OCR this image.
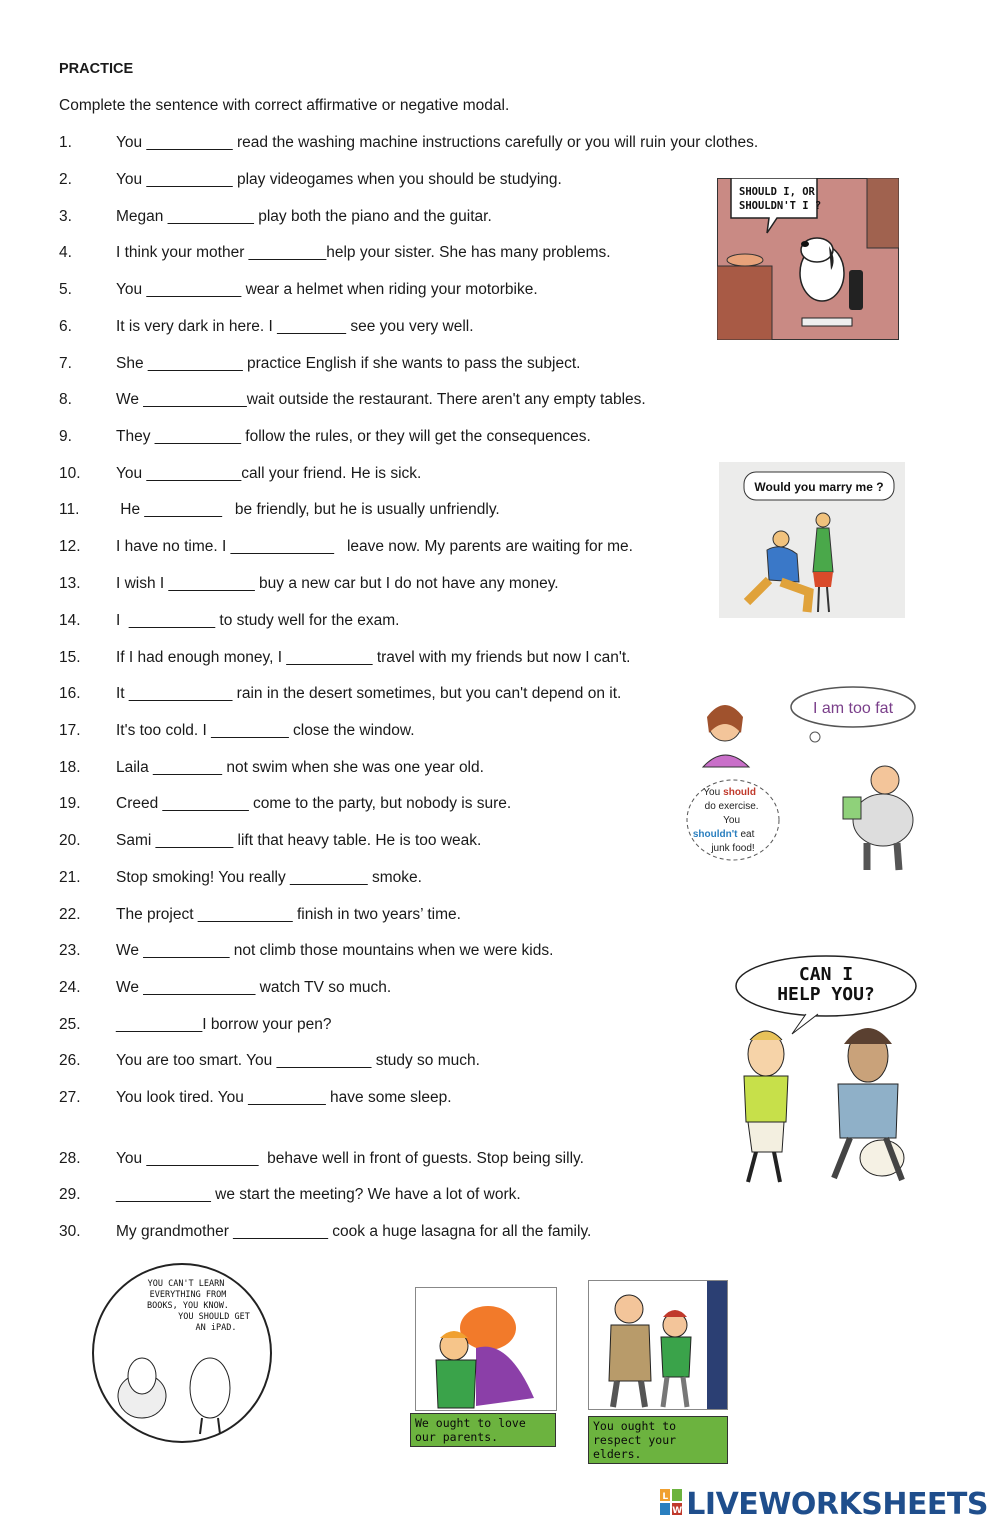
PRACTICE
Complete the sentence with correct affirmative or negative modal.
1.	You __________ read the washing machine instructions carefully or you will ruin your clothes.
2.	You __________ play videogames when you should be studying.
3.	Megan __________ play both the piano and the guitar.
4.	I think your mother _________help your sister. She has many problems.
5.	You ___________ wear a helmet when riding your motorbike.
6.	It is very dark in here. I ________ see you very well.
7.	She ___________ practice English if she wants to pass the subject.
8.	We ____________wait outside the restaurant. There aren't any empty tables.
9.	They __________ follow the rules, or they will get the consequences.
10. You ___________call your friend. He is sick.
11. He _________   be friendly, but he is usually unfriendly.
12. I have no time. I ____________   leave now. My parents are waiting for me.
13. I wish I __________ buy a new car but I do not have any money.
14. I  __________ to study well for the exam.
15. If I had enough money, I __________ travel with my friends but now I can't.
16. It ____________ rain in the desert sometimes, but you can't depend on it.
17. It's too cold. I _________ close the window.
18. Laila ________ not swim when she was one year old.
19. Creed __________ come to the party, but nobody is sure.
20. Sami _________ lift that heavy table. He is too weak.
21. Stop smoking! You really _________ smoke.
22. The project ___________ finish in two years’ time.
23. We __________ not climb those mountains when we were kids.
24. We _____________ watch TV so much.
25. __________I borrow your pen?
26. You are too smart. You ___________ study so much.
27. You look tired. You _________ have some sleep.
28. You _____________  behave well in front of guests. Stop being silly.
29. ___________ we start the meeting? We have a lot of work.
30. My grandmother ___________ cook a huge lasagna for all the family.
SHOULD I, OR
SHOULDN'T I ?
Would you marry me ?
I am too fat
You should do exercise. You shouldn't eat junk food!
CAN I
HELP YOU?
YOU CAN'T LEARN
EVERYTHING FROM
BOOKS, YOU KNOW.
YOU SHOULD GET
AN iPAD.
We ought to love our parents.
You ought to respect your elders.
L
W LIVEWORKSHEETS
